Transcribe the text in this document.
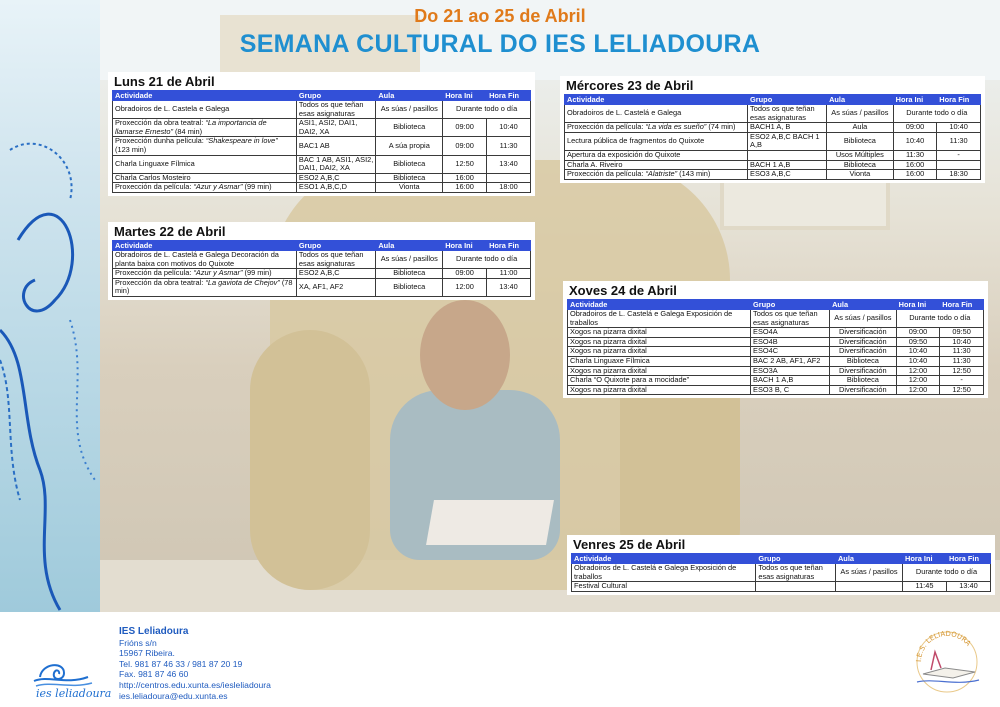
Do 21 ao 25 de Abril
SEMANA CULTURAL DO IES LELIADOURA
Luns 21 de Abril
Actividade	Grupo	Aula	Hora Ini	Hora Fin
Obradoiros de L. Castela e Galega	Todos os que teñan esas asignaturas	As súas / pasillos	Durante todo o día	
Proxección da obra teatral: “La importancia de llamarse Ernesto” (84 min)	ASI1, ASI2, DAI1, DAI2, XA	Biblioteca	09:00	10:40
Proxección dunha película: “Shakespeare in love” (123 min)	BAC1 AB	A súa propia	09:00	11:30
Charla Linguaxe Fílmica	BAC 1 AB, ASI1, ASI2, DAI1, DAI2, XA	Biblioteca	12:50	13:40
Charla Carlos Mosteiro	ESO2 A,B,C	Biblioteca	16:00	
Proxección da película: “Azur y Asmar” (99 min)	ESO1 A,B,C,D	Vionta	16:00	18:00
Martes 22 de Abril
Actividade	Grupo	Aula	Hora Ini	Hora Fin
Obradoiros de L. Castelá e Galega Decoración da planta baixa con motivos do Quixote	Todos os que teñan esas asignaturas	As súas / pasillos	Durante todo o día	
Proxección da película: “Azur y Asmar” (99 min)	ESO2 A,B,C	Biblioteca	09:00	11:00
Proxección da obra teatral: “La gaviota de Chejov” (78 min)	XA, AF1, AF2	Biblioteca	12:00	13:40
Mércores 23 de Abril
Actividade	Grupo	Aula	Hora Ini	Hora Fin
Obradoiros de L. Castelá e Galega	Todos os que teñan esas asignaturas	As súas / pasillos	Durante todo o día	
Proxección da película: “La vida es sueño” (74 min)	BACH1 A, B	Aula	09:00	10:40
Lectura pública de fragmentos do Quixote	ESO2 A,B,C BACH 1 A,B	Biblioteca	10:40	11:30
Apertura da exposición do Quixote		Usos Múltiples	11:30	-
Charla A. Riveiro	BACH 1 A,B	Biblioteca	16:00	
Proxección da película: “Alatriste” (143 min)	ESO3 A,B,C	Vionta	16:00	18:30
Xoves 24 de Abril
Actividade	Grupo	Aula	Hora Ini	Hora Fin
Obradoiros de L. Castelá e Galega Exposición de traballos	Todos os que teñan esas asignaturas	As súas / pasillos	Durante todo o día	
Xogos na pizarra dixital	ESO4A	Diversificación	09:00	09:50
Xogos na pizarra dixital	ESO4B	Diversificación	09:50	10:40
Xogos na pizarra dixital	ESO4C	Diversificación	10:40	11:30
Charla Linguaxe Fílmica	BAC 2 AB, AF1, AF2	Biblioteca	10:40	11:30
Xogos na pizarra dixital	ESO3A	Diversificación	12:00	12:50
Charla “O Quixote para a mocidade”	BACH 1 A,B	Biblioteca	12:00	-
Xogos na pizarra dixital	ESO3 B, C	Diversificación	12:00	12:50
Venres 25 de Abril
Actividade	Grupo	Aula	Hora Ini	Hora Fin
Obradoiros de L. Castelá e Galega Exposición de traballos	Todos os que teñan esas asignaturas	As súas / pasillos	Durante todo o día	
Festival Cultural			11:45	13:40
ies leliadoura
IES Leliadoura
Frións s/n
15967 Ribeira.
Tel. 981 87 46 33 / 981 87 20 19
Fax. 981 87 46 60
http://centros.edu.xunta.es/iesleliadoura
ies.leliadoura@edu.xunta.es
I.E.S. LELIADOURA
